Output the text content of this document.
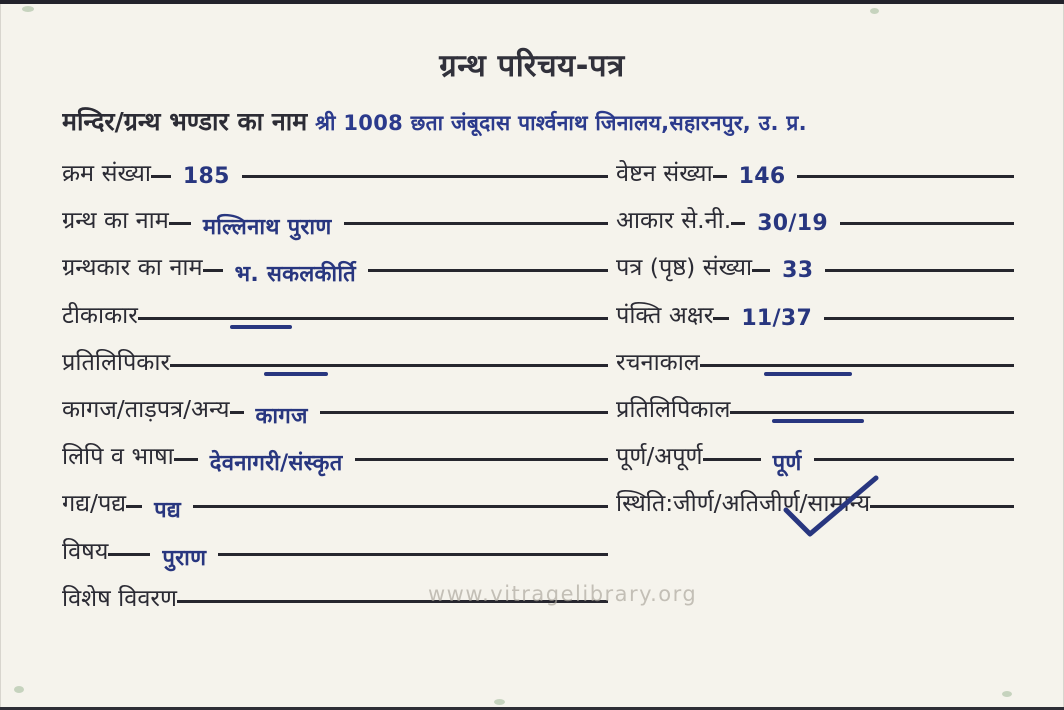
ग्रन्थ परिचय-पत्र
मन्दिर/ग्रन्थ भण्डार का नाम श्री 1008 छता जंबूदास पार्श्वनाथ जिनालय,सहारनपुर, उ. प्र.
क्रम संख्या 185
ग्रन्थ का नाम मल्लिनाथ पुराण
ग्रन्थकार का नाम भ. सकलकीर्ति
टीकाकार
प्रतिलिपिकार
कागज/ताड़पत्र/अन्य कागज
लिपि व भाषा देवनागरी/संस्कृत
गद्य/पद्य पद्य
विषय पुराण
विशेष विवरण
वेष्टन संख्या 146
आकार से.नी. 30/19
पत्र (पृष्ठ) संख्या 33
पंक्ति अक्षर 11/37
रचनाकाल
प्रतिलिपिकाल
पूर्ण/अपूर्ण	पूर्ण
स्थिति:जीर्ण/अतिजीर्ण/सामान्य
www.vitragelibrary.org
